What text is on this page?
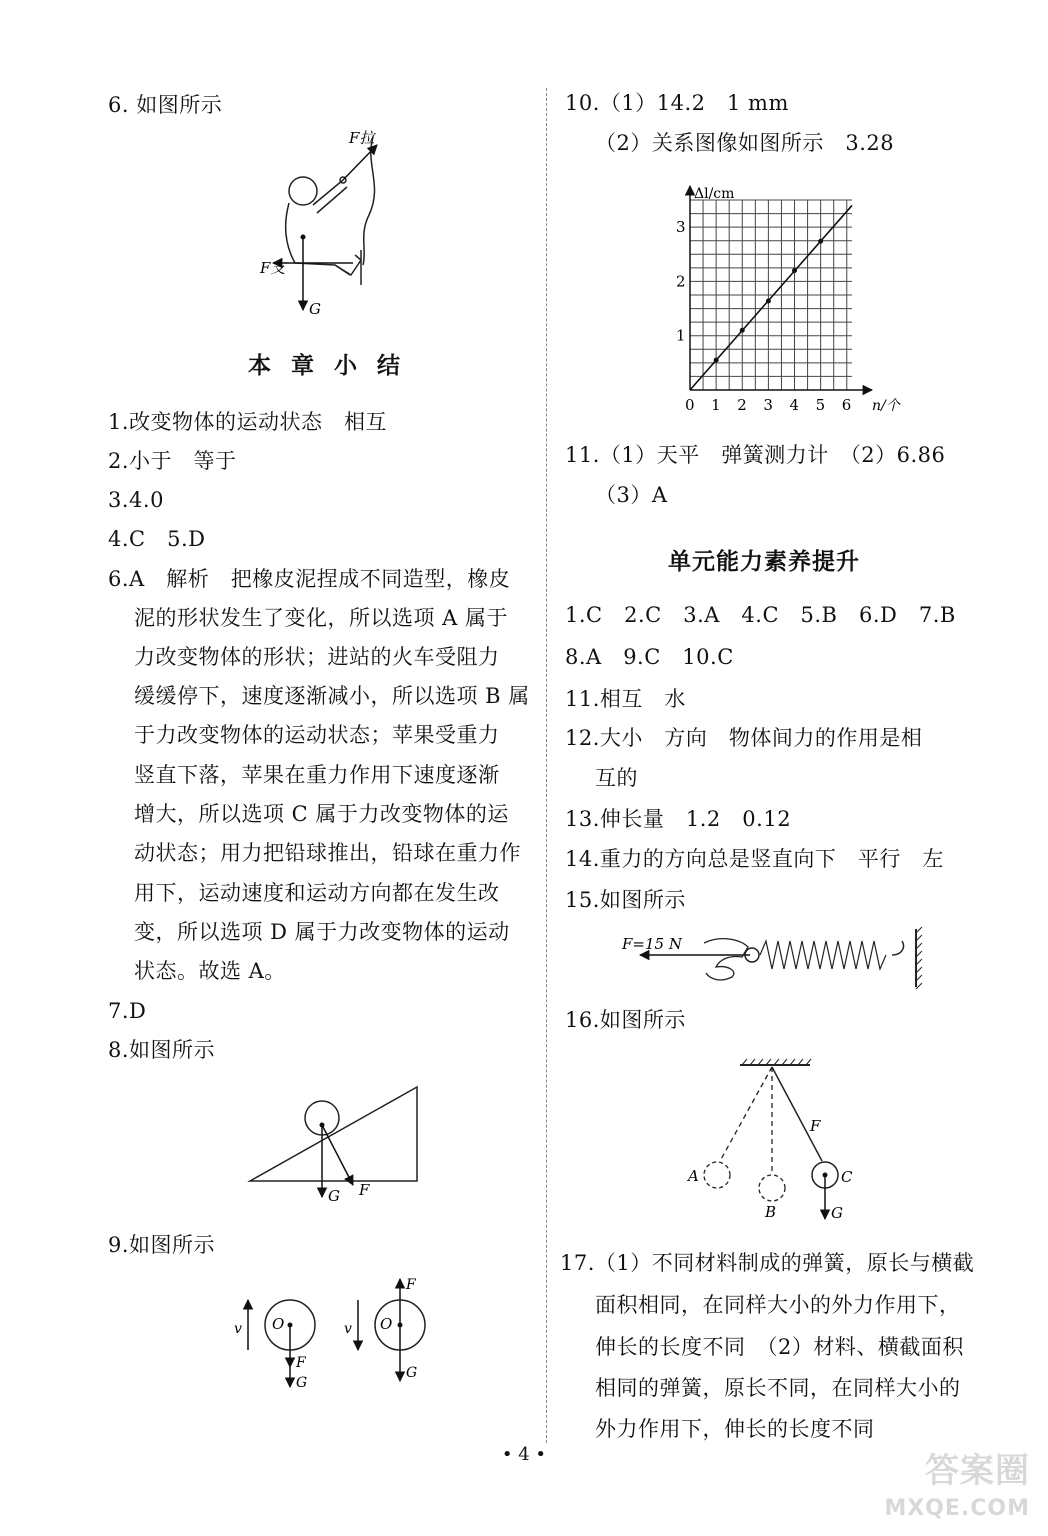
6. 如图所示
F拉
F支
G
本 章 小 结
1.改变物体的运动状态　相互
2.小于　等于
3.4.0
4.C　5.D
6.A　解析　把橡皮泥捏成不同造型，橡皮
泥的形状发生了变化，所以选项 A 属于
力改变物体的形状；进站的火车受阻力
缓缓停下，速度逐渐减小，所以选项 B 属
于力改变物体的运动状态；苹果受重力
竖直下落，苹果在重力作用下速度逐渐
增大，所以选项 C 属于力改变物体的运
动状态；用力把铅球推出，铅球在重力作
用下，运动速度和运动方向都在发生改
变，所以选项 D 属于力改变物体的运动
状态。故选 A。
7.D
8.如图所示
G F
9.如图所示
v O
F
G
v O
F
G
10.（1）14.2　1 mm
（2）关系图像如图所示　3.28
0 1 2 3 4 5 6
1
2
3
Δl/cm
n/个
11.（1）天平　弹簧测力计　（2）6.86
（3）A
单元能力素养提升
1.C　2.C　3.A　4.C　5.B　6.D　7.B
8.A　9.C　10.C
11.相互　水
12.大小　方向　物体间力的作用是相
互的
13.伸长量　1.2　0.12
14.重力的方向总是竖直向下　平行　左
15.如图所示
F=15 N
16.如图所示
A
B
C
F
G
17.（1）不同材料制成的弹簧，原长与横截
面积相同，在同样大小的外力作用下，
伸长的长度不同　（2）材料、横截面积
相同的弹簧，原长不同，在同样大小的
外力作用下，伸长的长度不同
• 4 •	答案圈
MXQE.COM
